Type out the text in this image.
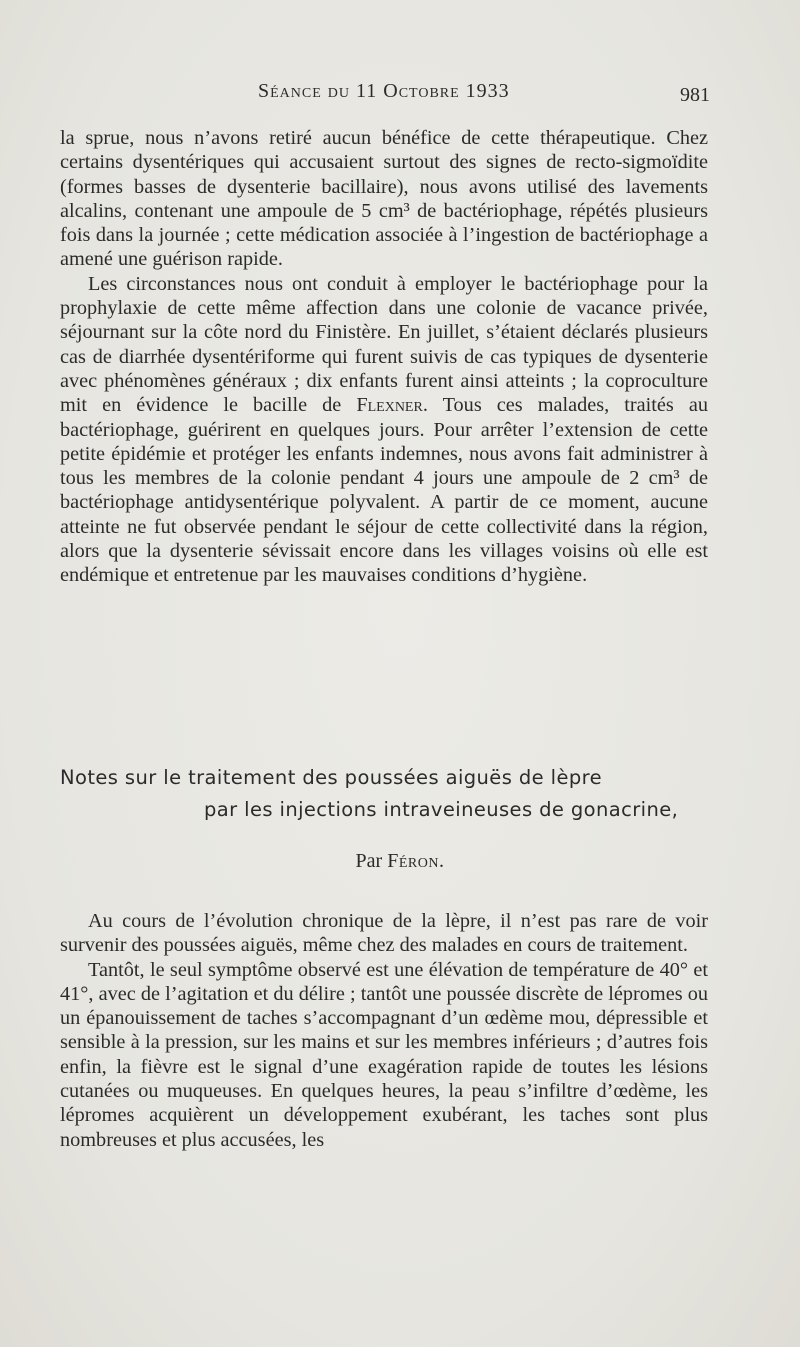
Séance du 11 Octobre 1933	981

la sprue, nous n’avons retiré aucun bénéfice de cette thérapeutique. Chez certains dysentériques qui accusaient surtout des signes de recto-sigmoïdite (formes basses de dysenterie bacillaire), nous avons utilisé des lavements alcalins, contenant une ampoule de 5 cm³ de bactériophage, répétés plusieurs fois dans la journée ; cette médication associée à l’ingestion de bactériophage a amené une guérison rapide.

Les circonstances nous ont conduit à employer le bactériophage pour la prophylaxie de cette même affection dans une colonie de vacance privée, séjournant sur la côte nord du Finistère. En juillet, s’étaient déclarés plusieurs cas de diarrhée dysentériforme qui furent suivis de cas typiques de dysenterie avec phénomènes généraux ; dix enfants furent ainsi atteints ; la coproculture mit en évidence le bacille de Flexner. Tous ces malades, traités au bactériophage, guérirent en quelques jours. Pour arrêter l’extension de cette petite épidémie et protéger les enfants indemnes, nous avons fait administrer à tous les membres de la colonie pendant 4 jours une ampoule de 2 cm³ de bactériophage antidysentérique polyvalent. A partir de ce moment, aucune atteinte ne fut observée pendant le séjour de cette collectivité dans la région, alors que la dysenterie sévissait encore dans les villages voisins où elle est endémique et entretenue par les mauvaises conditions d’hygiène.

Notes sur le traitement des poussées aiguës de lèpre
par les injections intraveineuses de gonacrine,
Par Féron.

Au cours de l’évolution chronique de la lèpre, il n’est pas rare de voir survenir des poussées aiguës, même chez des malades en cours de traitement.

Tantôt, le seul symptôme observé est une élévation de température de 40° et 41°, avec de l’agitation et du délire ; tantôt une poussée discrète de lépromes ou un épanouissement de taches s’accompagnant d’un œdème mou, dépressible et sensible à la pression, sur les mains et sur les membres inférieurs ; d’autres fois enfin, la fièvre est le signal d’une exagération rapide de toutes les lésions cutanées ou muqueuses. En quelques heures, la peau s’infiltre d’œdème, les lépromes acquièrent un développement exubérant, les taches sont plus nombreuses et plus accusées, les
